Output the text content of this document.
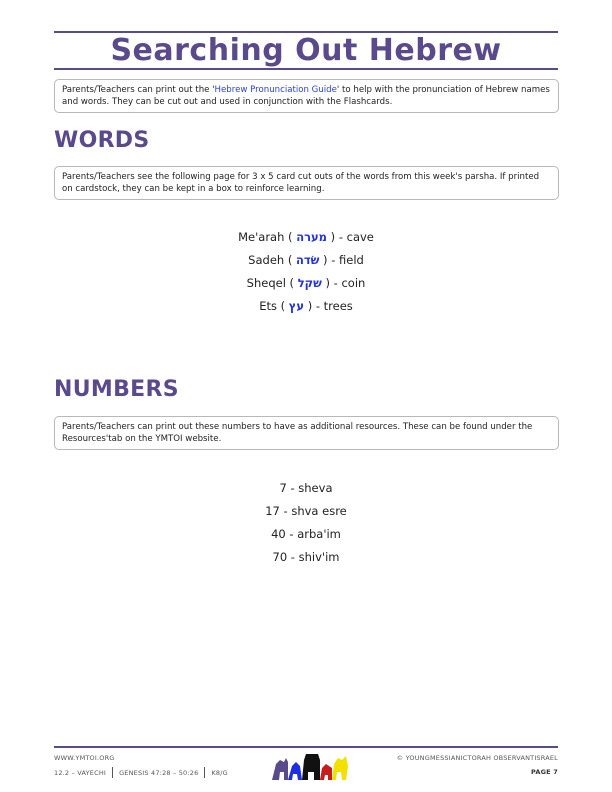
Searching Out Hebrew
Parents/Teachers can print out the 'Hebrew Pronunciation Guide' to help with the pronunciation of Hebrew names and words. They can be cut out and used in conjunction with the Flashcards.
WORDS
Parents/Teachers see the following page for 3 x 5 card cut outs of the words from this week's parsha. If printed on cardstock, they can be kept in a box to reinforce learning.
Me'arah ( מערה ) - cave
Sadeh ( שׂדה ) - field
Sheqel ( שקל ) - coin
Ets ( עץ ) - trees
NUMBERS
Parents/Teachers can print out these numbers to have as additional resources. These can be found under the Resources'tab on the YMTOI website.
7 - sheva
17 - shva esre
40 - arba'im
70 - shiv'im
WWW.YMTOI.ORG
12.2 – VAYECHI GENESIS 47:28 – 50:26 K8/G
© YOUNGMESSIANICTORAH OBSERVANTISRAEL
PAGE 7
